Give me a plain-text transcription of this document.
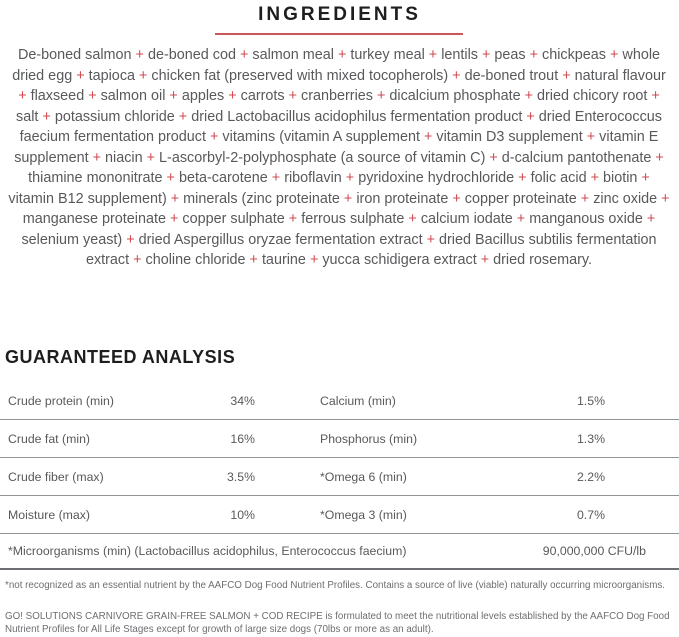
INGREDIENTS

De-boned salmon + de-boned cod + salmon meal + turkey meal + lentils + peas + chickpeas + whole dried egg + tapioca + chicken fat (preserved with mixed tocopherols) + de-boned trout + natural flavour + flaxseed + salmon oil + apples + carrots + cranberries + dicalcium phosphate + dried chicory root + salt + potassium chloride + dried Lactobacillus acidophilus fermentation product + dried Enterococcus faecium fermentation product + vitamins (vitamin A supplement + vitamin D3 supplement + vitamin E supplement + niacin + L-ascorbyl-2-polyphosphate (a source of vitamin C) + d-calcium pantothenate + thiamine mononitrate + beta-carotene + riboflavin + pyridoxine hydrochloride + folic acid + biotin + vitamin B12 supplement) + minerals (zinc proteinate + iron proteinate + copper proteinate + zinc oxide + manganese proteinate + copper sulphate + ferrous sulphate + calcium iodate + manganous oxide + selenium yeast) + dried Aspergillus oryzae fermentation extract + dried Bacillus subtilis fermentation extract + choline chloride + taurine + yucca schidigera extract + dried rosemary.

GUARANTEED ANALYSIS
Crude protein (min)	34%	Calcium (min)	1.5%
Crude fat (min)	16%	Phosphorus (min)	1.3%
Crude fiber (max)	3.5%	*Omega 6 (min)	2.2%
Moisture (max)	10%	*Omega 3 (min)	0.7%
*Microorganisms (min) (Lactobacillus acidophilus, Enterococcus faecium)	90,000,000 CFU/lb

*not recognized as an essential nutrient by the AAFCO Dog Food Nutrient Profiles. Contains a source of live (viable) naturally occurring microorganisms.

GO! SOLUTIONS CARNIVORE GRAIN-FREE SALMON + COD RECIPE is formulated to meet the nutritional levels established by the AAFCO Dog Food Nutrient Profiles for All Life Stages except for growth of large size dogs (70lbs or more as an adult).
